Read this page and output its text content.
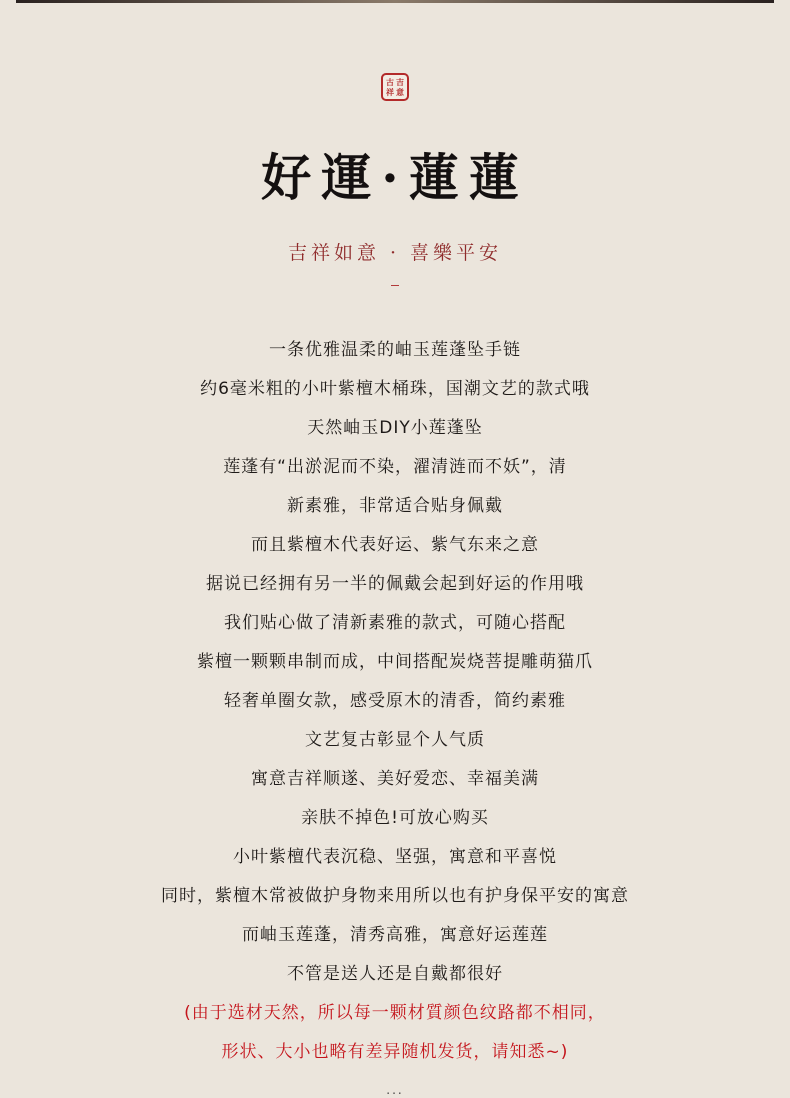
古 吉
祥 意
好運·蓮蓮
吉祥如意 · 喜樂平安
一条优雅温柔的岫玉莲蓬坠手链
约6毫米粗的小叶紫檀木桶珠，国潮文艺的款式哦
天然岫玉DIY小莲蓬坠
莲蓬有“出淤泥而不染，濯清涟而不妖”，清
新素雅，非常适合贴身佩戴
而且紫檀木代表好运、紫气东来之意
据说已经拥有另一半的佩戴会起到好运的作用哦
我们贴心做了清新素雅的款式，可随心搭配
紫檀一颗颗串制而成，中间搭配炭烧菩提雕萌猫爪
轻奢单圈女款，感受原木的清香，简约素雅
文艺复古彰显个人气质
寓意吉祥顺遂、美好爱恋、幸福美满
亲肤不掉色!可放心购买
小叶紫檀代表沉稳、坚强，寓意和平喜悦
同时，紫檀木常被做护身物来用所以也有护身保平安的寓意
而岫玉莲蓬，清秀高雅，寓意好运莲莲
不管是送人还是自戴都很好
(由于选材天然，所以每一颗材質颜色纹路都不相同，
形状、大小也略有差异随机发货，请知悉~)
...
